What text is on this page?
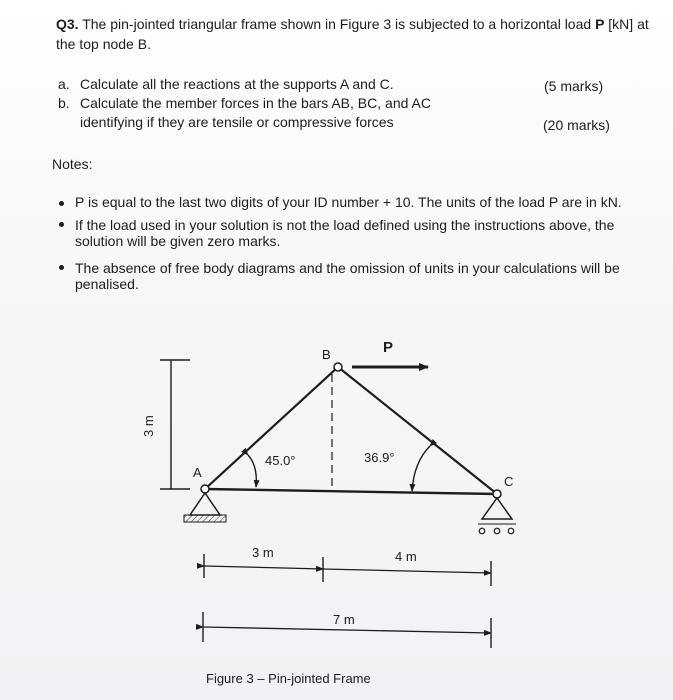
Q3. The pin-jointed triangular frame shown in Figure 3 is subjected to a horizontal load P [kN] at
the top node B.
a. Calculate all the reactions at the supports A and C.	(5 marks)
b. Calculate the member forces in the bars AB, BC, and AC
identifying if they are tensile or compressive forces	(20 marks)
Notes:
P is equal to the last two digits of your ID number + 10. The units of the load P are in kN.
If the load used in your solution is not the load defined using the instructions above, the
solution will be given zero marks.
The absence of free body diagrams and the omission of units in your calculations will be
penalised.
3 m
B	P
A
C
45.0°	36.9°
3 m	4 m
7 m
Figure 3 – Pin-jointed Frame
